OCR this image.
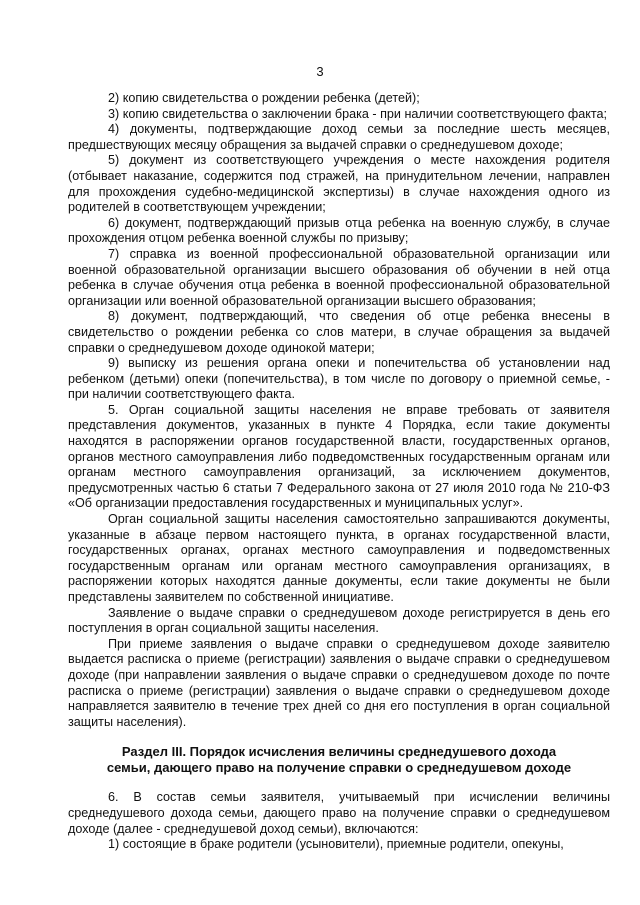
3

2) копию свидетельства о рождении ребенка (детей);

3) копию свидетельства о заключении брака - при наличии соответствующего факта;

4) документы, подтверждающие доход семьи за последние шесть месяцев, предшествующих месяцу обращения за выдачей справки о среднедушевом доходе;

5) документ из соответствующего учреждения о месте нахождения родителя (отбывает наказание, содержится под стражей, на принудительном лечении, направлен для прохождения судебно-медицинской экспертизы) в случае нахождения одного из родителей в соответствующем учреждении;

6) документ, подтверждающий призыв отца ребенка на военную службу, в случае прохождения отцом ребенка военной службы по призыву;

7) справка из военной профессиональной образовательной организации или военной образовательной организации высшего образования об обучении в ней отца ребенка в случае обучения отца ребенка в военной профессиональной образовательной организации или военной образовательной организации высшего образования;

8) документ, подтверждающий, что сведения об отце ребенка внесены в свидетельство о рождении ребенка со слов матери, в случае обращения за выдачей справки о среднедушевом доходе одинокой матери;

9) выписку из решения органа опеки и попечительства об установлении над ребенком (детьми) опеки (попечительства), в том числе по договору о приемной семье, - при наличии соответствующего факта.

5. Орган социальной защиты населения не вправе требовать от заявителя представления документов, указанных в пункте 4 Порядка, если такие документы находятся в распоряжении органов государственной власти, государственных органов, органов местного самоуправления либо подведомственных государственным органам или органам местного самоуправления организаций, за исключением документов, предусмотренных частью 6 статьи 7 Федерального закона от 27 июля 2010 года № 210-ФЗ «Об организации предоставления государственных и муниципальных услуг».

Орган социальной защиты населения самостоятельно запрашиваются документы, указанные в абзаце первом настоящего пункта, в органах государственной власти, государственных органах, органах местного самоуправления и подведомственных государственным органам или органам местного самоуправления организациях, в распоряжении которых находятся данные документы, если такие документы не были представлены заявителем по собственной инициативе.

Заявление о выдаче справки о среднедушевом доходе регистрируется в день его поступления в орган социальной защиты населения.

При приеме заявления о выдаче справки о среднедушевом доходе заявителю выдается расписка о приеме (регистрации) заявления о выдаче справки о среднедушевом доходе (при направлении заявления о выдаче справки о среднедушевом доходе по почте расписка о приеме (регистрации) заявления о выдаче справки о среднедушевом доходе направляется заявителю в течение трех дней со дня его поступления в орган социальной защиты населения).

Раздел III. Порядок исчисления величины среднедушевого дохода
семьи, дающего право на получение справки о среднедушевом доходе

6. В состав семьи заявителя, учитываемый при исчислении величины среднедушевого дохода семьи, дающего право на получение справки о среднедушевом доходе (далее - среднедушевой доход семьи), включаются:

1) состоящие в браке родители (усыновители), приемные родители, опекуны,
